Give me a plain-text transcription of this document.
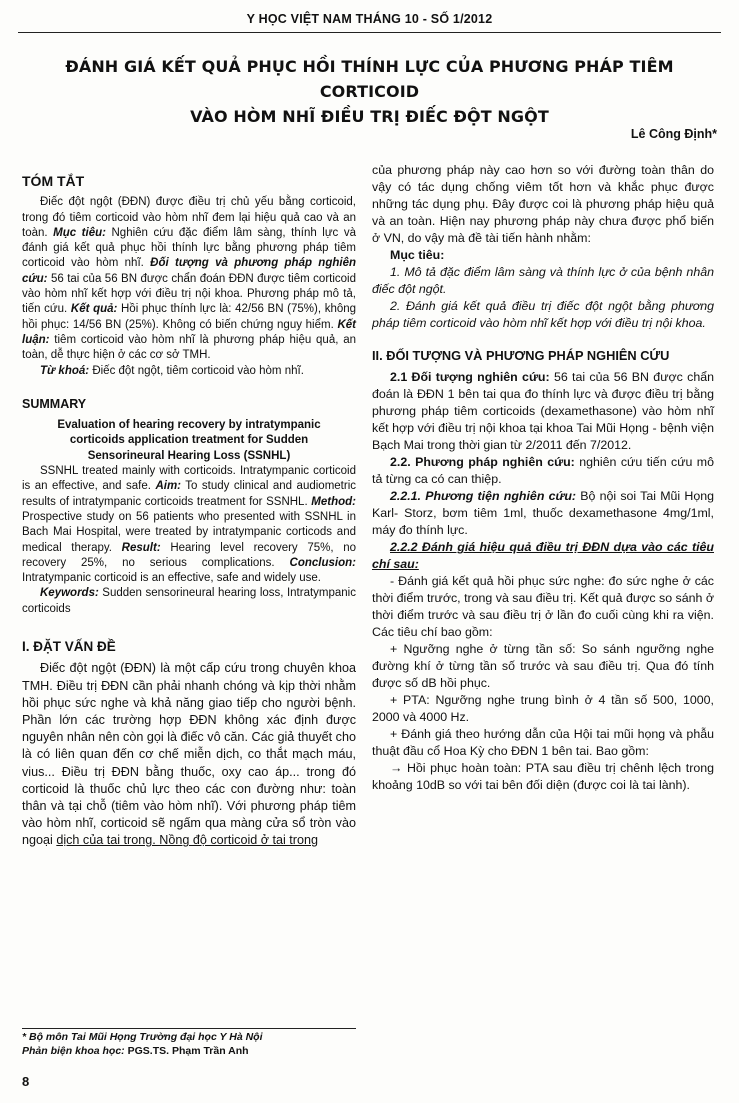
Y HỌC VIỆT NAM THÁNG 10 - SỐ 1/2012
ĐÁNH GIÁ KẾT QUẢ PHỤC HỒI THÍNH LỰC CỦA PHƯƠNG PHÁP TIÊM CORTICOID
VÀO HÒM NHĨ ĐIỀU TRỊ ĐIẾC ĐỘT NGỘT
Lê Công Định*
TÓM TẮT

Điếc đột ngột (ĐĐN) được điều trị chủ yếu bằng corticoid, trong đó tiêm corticoid vào hòm nhĩ đem lại hiệu quả cao và an toàn. Mục tiêu: Nghiên cứu đặc điểm lâm sàng, thính lực và đánh giá kết quả phục hồi thính lực bằng phương pháp tiêm corticoid vào hòm nhĩ. Đối tượng và phương pháp nghiên cứu: 56 tai của 56 BN được chẩn đoán ĐĐN được tiêm corticoid vào hòm nhĩ kết hợp với điều trị nội khoa. Phương pháp mô tả, tiến cứu. Kết quả: Hồi phục thính lực là: 42/56 BN (75%), không hồi phục: 14/56 BN (25%). Không có biến chứng nguy hiểm. Kết luận: tiêm corticoid vào hòm nhĩ là phương pháp hiệu quả, an toàn, dễ thực hiện ở các cơ sở TMH.

Từ khoá: Điếc đột ngột, tiêm corticoid vào hòm nhĩ.

SUMMARY
Evaluation of hearing recovery by intratympanic
corticoids application treatment for Sudden
Sensorineural Hearing Loss (SSNHL)

SSNHL treated mainly with corticoids. Intratympanic corticoid is an effective, and safe. Aim: To study clinical and audiometric results of intratympanic corticoids treatment for SSNHL. Method: Prospective study on 56 patients who presented with SSNHL in Bach Mai Hospital, were treated by intratympanic corticods and medical therapy. Result: Hearing level recovery 75%, no recovery 25%, no serious complications. Conclusion: Intratympanic corticoid is an effective, safe and widely use.

Keywords: Sudden sensorineural hearing loss, Intratympanic corticoids

I. ĐẶT VẤN ĐỀ

Điếc đột ngột (ĐĐN) là một cấp cứu trong chuyên khoa TMH. Điều trị ĐĐN cần phải nhanh chóng và kịp thời nhằm hồi phục sức nghe và khả năng giao tiếp cho người bệnh. Phần lớn các trường hợp ĐĐN không xác định được nguyên nhân nên còn gọi là điếc vô căn. Các giả thuyết cho là có liên quan đến cơ chế miễn dịch, co thắt mạch máu, vius... Điều trị ĐĐN bằng thuốc, oxy cao áp... trong đó corticoid là thuốc chủ lực theo các con đường như: toàn thân và tại chỗ (tiêm vào hòm nhĩ). Với phương pháp tiêm vào hòm nhĩ, corticoid sẽ ngấm qua màng cửa sổ tròn vào ngoại dịch của tai trong. Nồng độ corticoid ở tai trong

của phương pháp này cao hơn so với đường toàn thân do vậy có tác dụng chống viêm tốt hơn và khắc phục được những tác dụng phụ. Đây được coi là phương pháp hiệu quả và an toàn. Hiện nay phương pháp này chưa được phổ biến ở VN, do vậy mà đề tài tiến hành nhằm:

Mục tiêu:

1. Mô tả đặc điểm lâm sàng và thính lực ở của bệnh nhân điếc đột ngột.

2. Đánh giá kết quả điều trị điếc đột ngột bằng phương pháp tiêm corticoid vào hòm nhĩ kết hợp với điều trị nội khoa.

II. ĐỐI TƯỢNG VÀ PHƯƠNG PHÁP NGHIÊN CỨU

2.1 Đối tượng nghiên cứu: 56 tai của 56 BN được chẩn đoán là ĐĐN 1 bên tai qua đo thính lực và được điều trị bằng phương pháp tiêm corticoids (dexamethasone) vào hòm nhĩ kết hợp với điều trị nội khoa tại khoa Tai Mũi Họng - bệnh viện Bạch Mai trong thời gian từ 2/2011 đến 7/2012.

2.2. Phương pháp nghiên cứu: nghiên cứu tiến cứu mô tả từng ca có can thiệp.

2.2.1. Phương tiện nghiên cứu: Bộ nội soi Tai Mũi Họng Karl- Storz, bơm tiêm 1ml, thuốc dexamethasone 4mg/1ml, máy đo thính lực.

2.2.2 Đánh giá hiệu quả điều trị ĐĐN dựa vào các tiêu chí sau:

- Đánh giá kết quả hồi phục sức nghe: đo sức nghe ở các thời điểm trước, trong và sau điều trị. Kết quả được so sánh ở thời điểm trước và sau điều trị ở lần đo cuối cùng khi ra viện. Các tiêu chí bao gồm:

+ Ngưỡng nghe ở từng tần số: So sánh ngưỡng nghe đường khí ở từng tần số trước và sau điều trị. Qua đó tính được số dB hồi phục.

+ PTA: Ngưỡng nghe trung bình ở 4 tần số 500, 1000, 2000 và 4000 Hz.

+ Đánh giá theo hướng dẫn của Hội tai mũi họng và phẫu thuật đầu cổ Hoa Kỳ cho ĐĐN 1 bên tai. Bao gồm:

→ Hồi phục hoàn toàn: PTA sau điều trị chênh lệch trong khoảng 10dB so với tai bên đối diện (được coi là tai lành).

* Bộ môn Tai Mũi Họng Trường đại học Y Hà Nội

Phản biện khoa học: PGS.TS. Phạm Trần Anh

8
